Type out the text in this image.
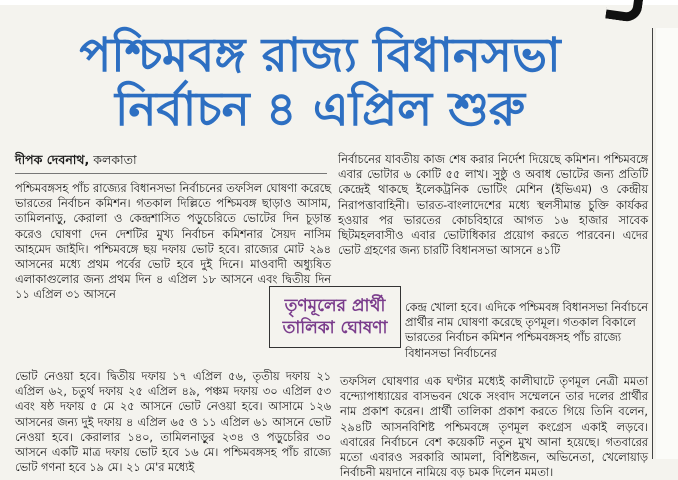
পশ্চিমবঙ্গ রাজ্য বিধানসভা
নির্বাচন ৪ এপ্রিল শুরু
দীপক দেবনাথ, কলকাতা
পশ্চিমবঙ্গসহ পাঁচ রাজ্যের বিধানসভা নির্বাচনের তফসিল ঘোষণা করেছে ভারতের নির্বাচন কমিশন। গতকাল দিল্লিতে পশ্চিমবঙ্গ ছাড়াও আসাম, তামিলনাড়ু, কেরালা ও কেন্দ্রশাসিত পড়ুচেরিতে ভোটের দিন চূড়ান্ত করেও ঘোষণা দেন দেশটির মুখ্য নির্বাচন কমিশনার সৈয়দ নাসিম আহমেদ জাইদি। পশ্চিমবঙ্গে ছয় দফায় ভোট হবে। রাজ্যের মোট ২৯৪ আসনের মধ্যে প্রথম পর্বের ভোট হবে দুই দিনে। মাওবাদী অধ্যুষিত এলাকাগুলোর জন্য প্রথম দিন ৪ এপ্রিল ১৮ আসনে এবং দ্বিতীয় দিন ১১ এপ্রিল ৩১ আসনে
ভোট নেওয়া হবে। দ্বিতীয় দফায় ১৭ এপ্রিল ৫৬, তৃতীয় দফায় ২১ এপ্রিল ৬২, চতুর্থ দফায় ২৫ এপ্রিল ৪৯, পঞ্চম দফায় ৩০ এপ্রিল ৫৩ এবং ষষ্ঠ দফায় ৫ মে ২৫ আসনে ভোট নেওয়া হবে। আসামে ১২৬ আসনের জন্য দুই দফায় ৪ এপ্রিল ৬৫ ও ১১ এপ্রিল ৬১ আসনে ভোট নেওয়া হবে। কেরালার ১৪০, তামিলনাড়ুর ২৩৪ ও পড়ুচেরির ৩০ আসনে একটি মাত্র দফায় ভোট হবে ১৬ মে। পশ্চিমবঙ্গসহ পাঁচ রাজ্যে ভোট গণনা হবে ১৯ মে। ২১ মে'র মধ্যেই
নির্বাচনের যাবতীয় কাজ শেষ করার নির্দেশ দিয়েছে কমিশন। পশ্চিমবঙ্গে এবার ভোটার ৬ কোটি ৫৫ লাখ। সুষ্ঠু ও অবাধ ভোটের জন্য প্রতিটি কেন্দ্রেই থাকছে ইলেকট্রনিক ভোটিং মেশিন (ইভিএম) ও কেন্দ্রীয় নিরাপত্তাবাহিনী। ভারত-বাংলাদেশের মধ্যে স্থলসীমান্ত চুক্তি কার্যকর হওয়ার পর ভারতের কোচবিহারে আগত ১৬ হাজার সাবেক ছিটমহলবাসীও এবার ভোটাধিকার প্রয়োগ করতে পারবেন। এদের ভোট গ্রহণের জন্য চারটি বিধানসভা আসনে ৪১টি
কেন্দ্র খোলা হবে। এদিকে পশ্চিমবঙ্গ বিধানসভা নির্বাচনে প্রার্থীর নাম ঘোষণা করেছে তৃণমূল। গতকাল বিকালে ভারতের নির্বাচন কমিশন পশ্চিমবঙ্গসহ পাঁচ রাজ্যে বিধানসভা নির্বাচনের
তফসিল ঘোষণার এক ঘণ্টার মধ্যেই কালীঘাটে তৃণমূল নেত্রী মমতা বন্দ্যোপাধ্যায়ের বাসভবন থেকে সংবাদ সম্মেলনে তার দলের প্রার্থীর নাম প্রকাশ করেন। প্রার্থী তালিকা প্রকাশ করতে গিয়ে তিনি বলেন, ২৯৪টি আসনবিশিষ্ট পশ্চিমবঙ্গে তৃণমূল কংগ্রেস একাই লড়বে। এবারের নির্বাচনে বেশ কয়েকটি নতুন মুখ আনা হয়েছে। গতবারের মতো এবারও সরকারি আমলা, বিশিষ্টজন, অভিনেতা, খেলোয়াড় নির্বাচনী ময়দানে নামিয়ে বড় চমক দিলেন মমতা।
তৃণমূলের প্রার্থী
তালিকা ঘোষণা
